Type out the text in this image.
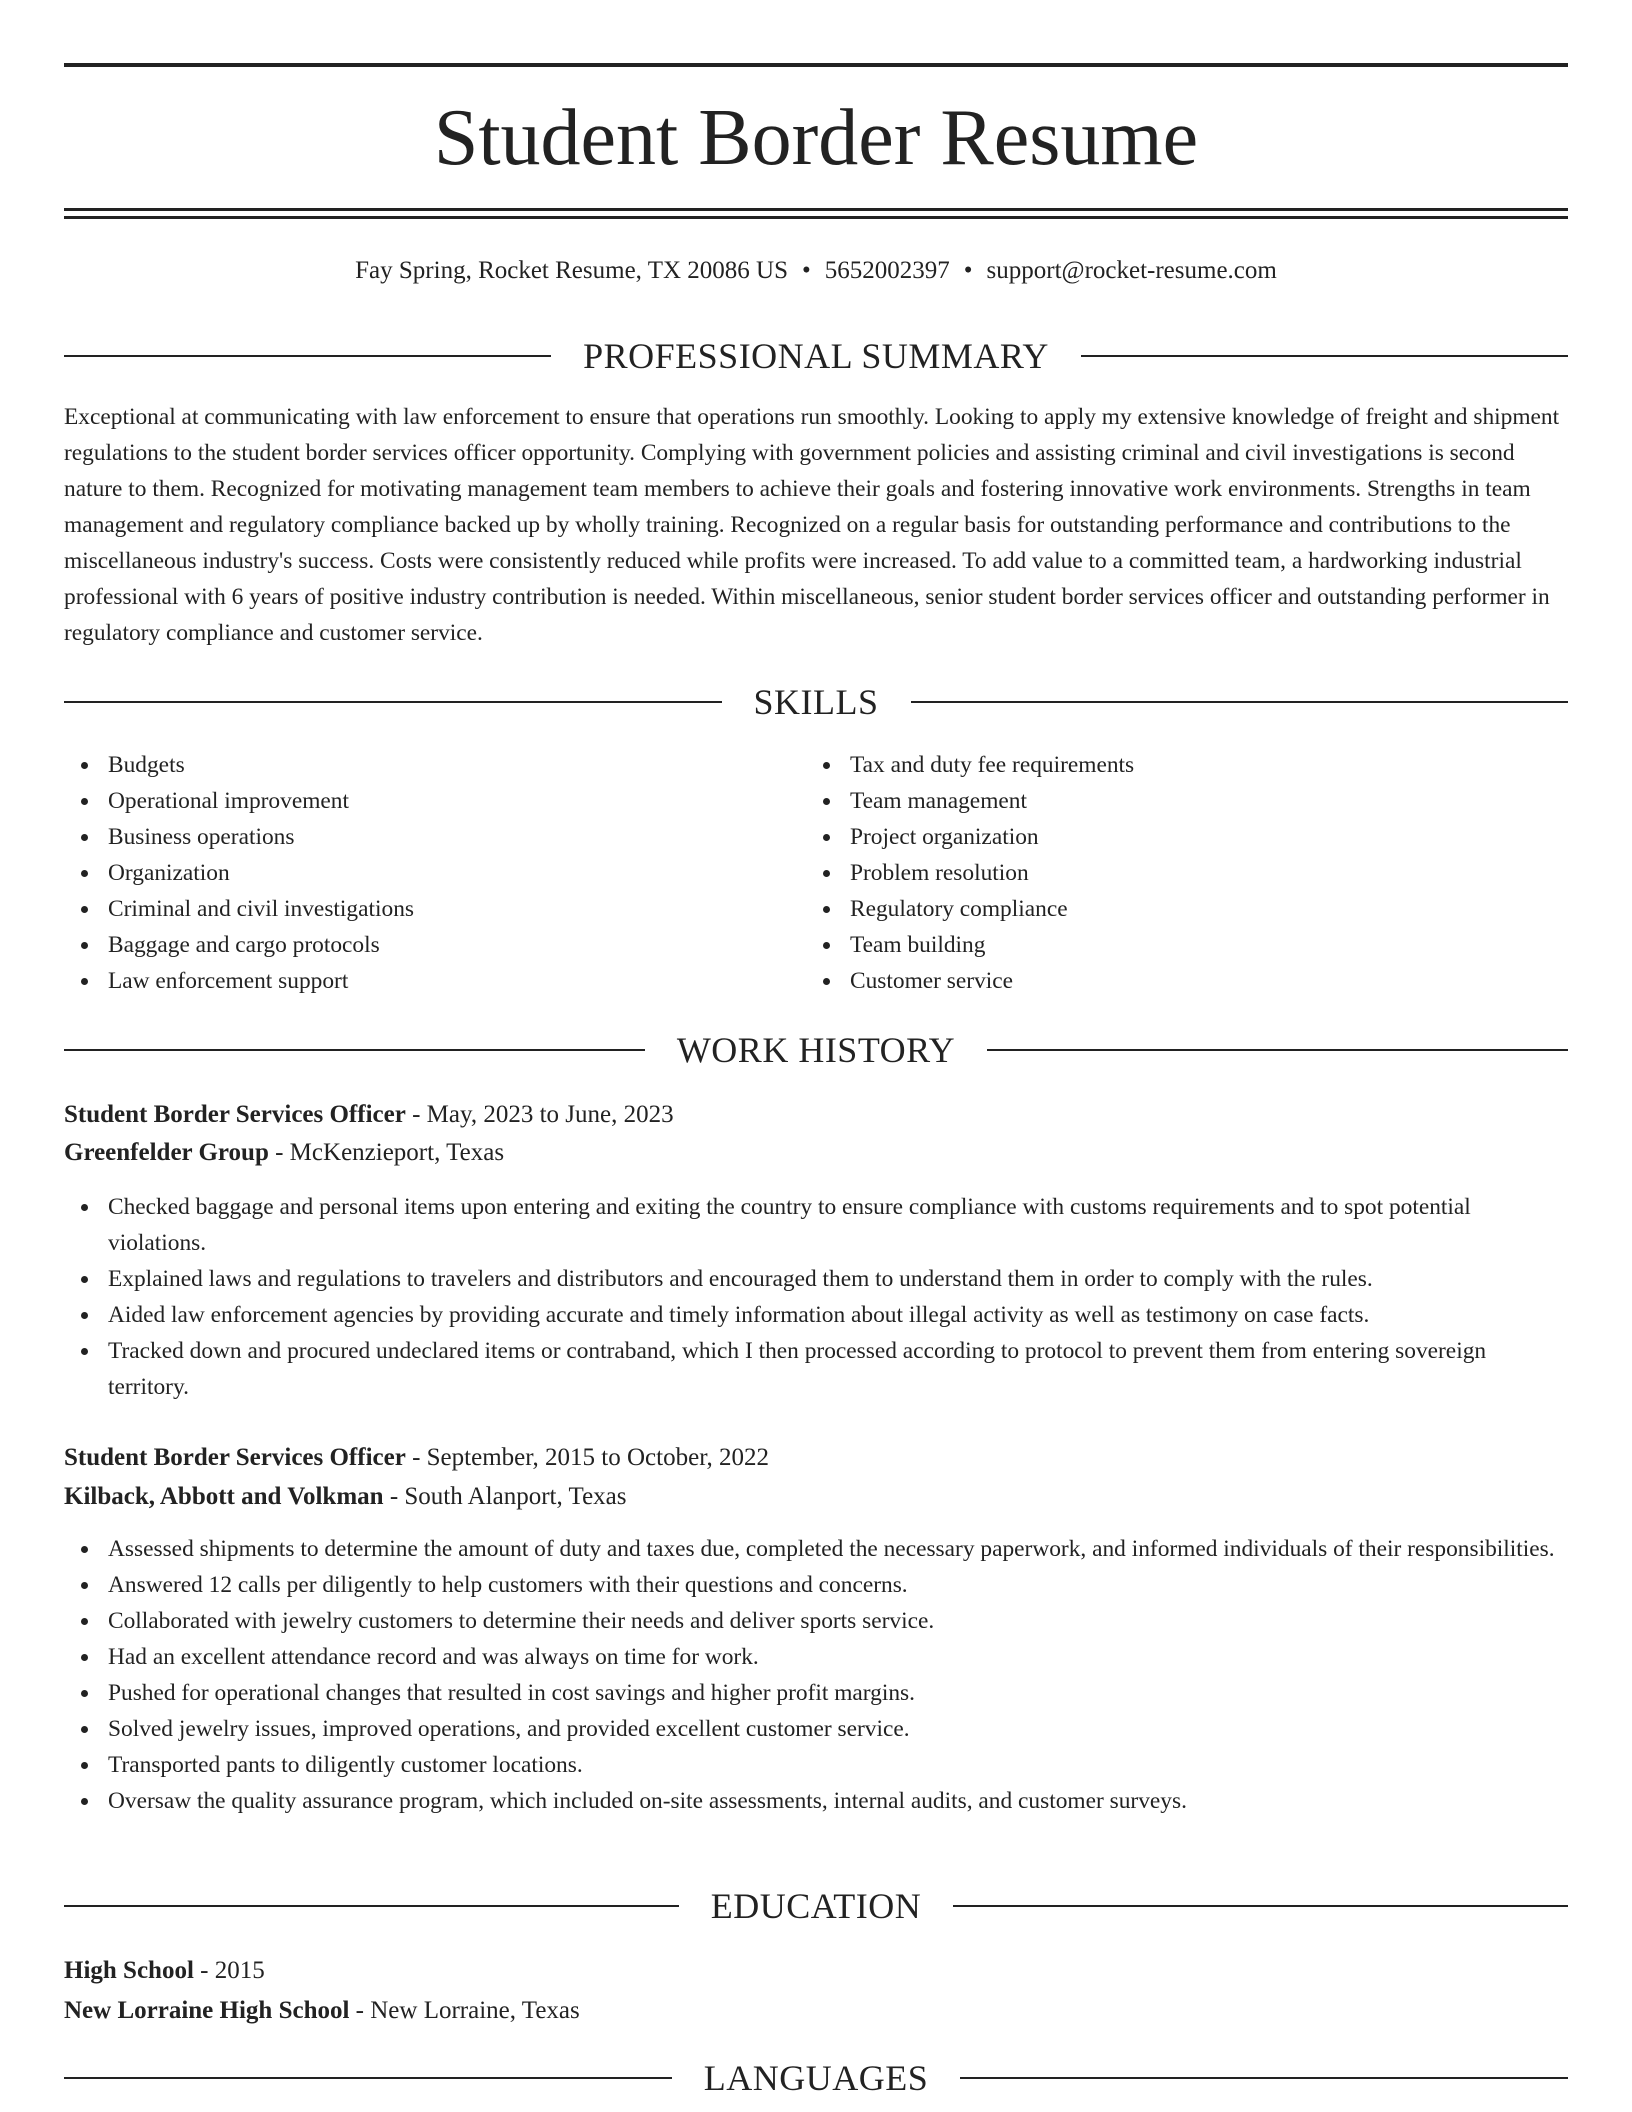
Student Border Resume
Fay Spring, Rocket Resume, TX 20086 US • 5652002397 • support@rocket-resume.com
PROFESSIONAL SUMMARY

Exceptional at communicating with law enforcement to ensure that operations run smoothly. Looking to apply my extensive knowledge of freight and shipment regulations to the student border services officer opportunity. Complying with government policies and assisting criminal and civil investigations is second nature to them. Recognized for motivating management team members to achieve their goals and fostering innovative work environments. Strengths in team management and regulatory compliance backed up by wholly training. Recognized on a regular basis for outstanding performance and contributions to the miscellaneous industry's success. Costs were consistently reduced while profits were increased. To add value to a committed team, a hardworking industrial professional with 6 years of positive industry contribution is needed. Within miscellaneous, senior student border services officer and outstanding performer in regulatory compliance and customer service.

SKILLS
Budgets
Operational improvement
Business operations
Organization
Criminal and civil investigations
Baggage and cargo protocols
Law enforcement support
Tax and duty fee requirements
Team management
Project organization
Problem resolution
Regulatory compliance
Team building
Customer service
WORK HISTORY
Student Border Services Officer - May, 2023 to June, 2023
Greenfelder Group - McKenzieport, Texas
Checked baggage and personal items upon entering and exiting the country to ensure compliance with customs requirements and to spot potential violations.
Explained laws and regulations to travelers and distributors and encouraged them to understand them in order to comply with the rules.
Aided law enforcement agencies by providing accurate and timely information about illegal activity as well as testimony on case facts.
Tracked down and procured undeclared items or contraband, which I then processed according to protocol to prevent them from entering sovereign territory.
Student Border Services Officer - September, 2015 to October, 2022
Kilback, Abbott and Volkman - South Alanport, Texas
Assessed shipments to determine the amount of duty and taxes due, completed the necessary paperwork, and informed individuals of their responsibilities.
Answered 12 calls per diligently to help customers with their questions and concerns.
Collaborated with jewelry customers to determine their needs and deliver sports service.
Had an excellent attendance record and was always on time for work.
Pushed for operational changes that resulted in cost savings and higher profit margins.
Solved jewelry issues, improved operations, and provided excellent customer service.
Transported pants to diligently customer locations.
Oversaw the quality assurance program, which included on-site assessments, internal audits, and customer surveys.
EDUCATION
High School - 2015
New Lorraine High School - New Lorraine, Texas
LANGUAGES
